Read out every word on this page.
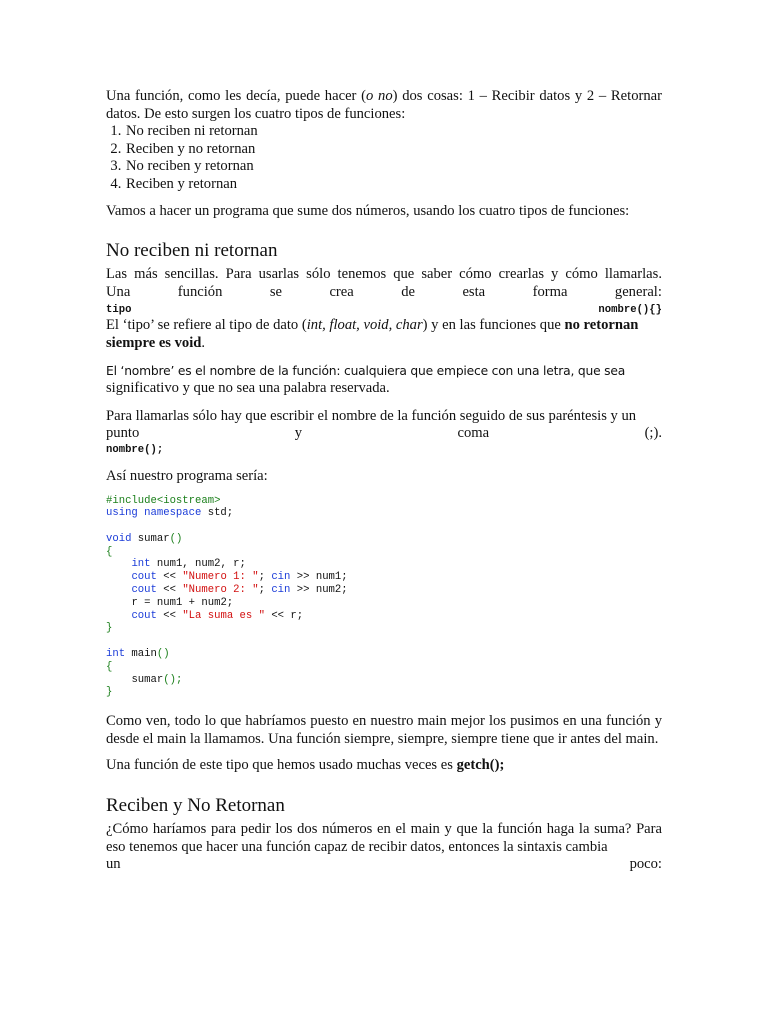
Una función, como les decía, puede hacer (o no) dos cosas: 1 – Recibir datos y 2 – Retornar datos. De esto surgen los cuatro tipos de funciones:

1. No reciben ni retornan
2. Reciben y no retornan
3. No reciben y retornan
4. Reciben y retornan

Vamos a hacer un programa que sume dos números, usando los cuatro tipos de funciones:

No reciben ni retornan

Las más sencillas. Para usarlas sólo tenemos que saber cómo crearlas y cómo llamarlas.

Una	función	se	crea	de	esta	forma	general:
tipo	nombre(){}

El ‘tipo’ se refiere al tipo de dato (int, float, void, char) y en las funciones que no retornan siempre es void.

El ‘nombre’ es el nombre de la función: cualquiera que empiece con una letra, que sea
significativo y que no sea una palabra reservada.

Para llamarlas sólo hay que escribir el nombre de la función seguido de sus paréntesis y un

punto	y	coma	(;).
nombre();

Así nuestro programa sería:

#include<iostream>
using namespace std;

void sumar()
{
int num1, num2, r;
cout << "Numero 1: "; cin >> num1;
cout << "Numero 2: "; cin >> num2;
r = num1 + num2;
cout << "La suma es " << r;
}

int main()
{
sumar();
}

Como ven, todo lo que habríamos puesto en nuestro main mejor los pusimos en una función y desde el main la llamamos. Una función siempre, siempre, siempre tiene que ir antes del main.

Una función de este tipo que hemos usado muchas veces es getch();

Reciben y No Retornan

¿Cómo haríamos para pedir los dos números en el main y que la función haga la suma? Para eso tenemos que hacer una función capaz de recibir datos, entonces la sintaxis cambia

un	poco:
